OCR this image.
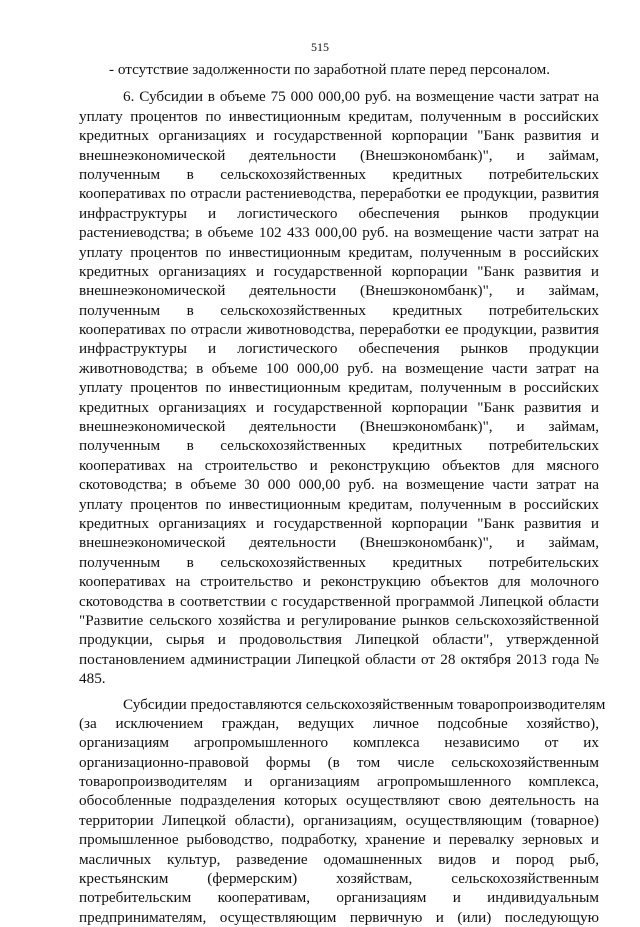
515
- отсутствие задолженности по заработной плате перед персоналом.
6. Субсидии в объеме 75 000 000,00 руб. на возмещение части затрат на
уплату процентов по инвестиционным кредитам, полученным в российских
кредитных организациях и государственной корпорации "Банк развития и
внешнеэкономической деятельности (Внешэкономбанк)", и займам,
полученным в сельскохозяйственных кредитных потребительских
кооперативах по отрасли растениеводства, переработки ее продукции, развития
инфраструктуры и логистического обеспечения рынков продукции
растениеводства; в объеме 102 433 000,00 руб. на возмещение части затрат на
уплату процентов по инвестиционным кредитам, полученным в российских
кредитных организациях и государственной корпорации "Банк развития и
внешнеэкономической деятельности (Внешэкономбанк)", и займам,
полученным в сельскохозяйственных кредитных потребительских
кооперативах по отрасли животноводства, переработки ее продукции, развития
инфраструктуры и логистического обеспечения рынков продукции
животноводства; в объеме 100 000,00 руб. на возмещение части затрат на
уплату процентов по инвестиционным кредитам, полученным в российских
кредитных организациях и государственной корпорации "Банк развития и
внешнеэкономической деятельности (Внешэкономбанк)", и займам,
полученным в сельскохозяйственных кредитных потребительских
кооперативах на строительство и реконструкцию объектов для мясного
скотоводства; в объеме 30 000 000,00 руб. на возмещение части затрат на
уплату процентов по инвестиционным кредитам, полученным в российских
кредитных организациях и государственной корпорации "Банк развития и
внешнеэкономической деятельности (Внешэкономбанк)", и займам,
полученным в сельскохозяйственных кредитных потребительских
кооперативах на строительство и реконструкцию объектов для молочного
скотоводства в соответствии с государственной программой Липецкой области
"Развитие сельского хозяйства и регулирование рынков сельскохозяйственной
продукции, сырья и продовольствия Липецкой области", утвержденной
постановлением администрации Липецкой области от 28 октября 2013 года №
485.
Субсидии предоставляются сельскохозяйственным товаропроизводителям
(за исключением граждан, ведущих личное подсобные хозяйство),
организациям агропромышленного комплекса независимо от их
организационно-правовой формы (в том числе сельскохозяйственным
товаропроизводителям и организациям агропромышленного комплекса,
обособленные подразделения которых осуществляют свою деятельность на
территории Липецкой области), организациям, осуществляющим (товарное)
промышленное рыбоводство, подработку, хранение и перевалку зерновых и
масличных культур, разведение одомашненных видов и пород рыб,
крестьянским (фермерским) хозяйствам, сельскохозяйственным
потребительским кооперативам, организациям и индивидуальным
предпринимателям, осуществляющим первичную и (или) последующую
